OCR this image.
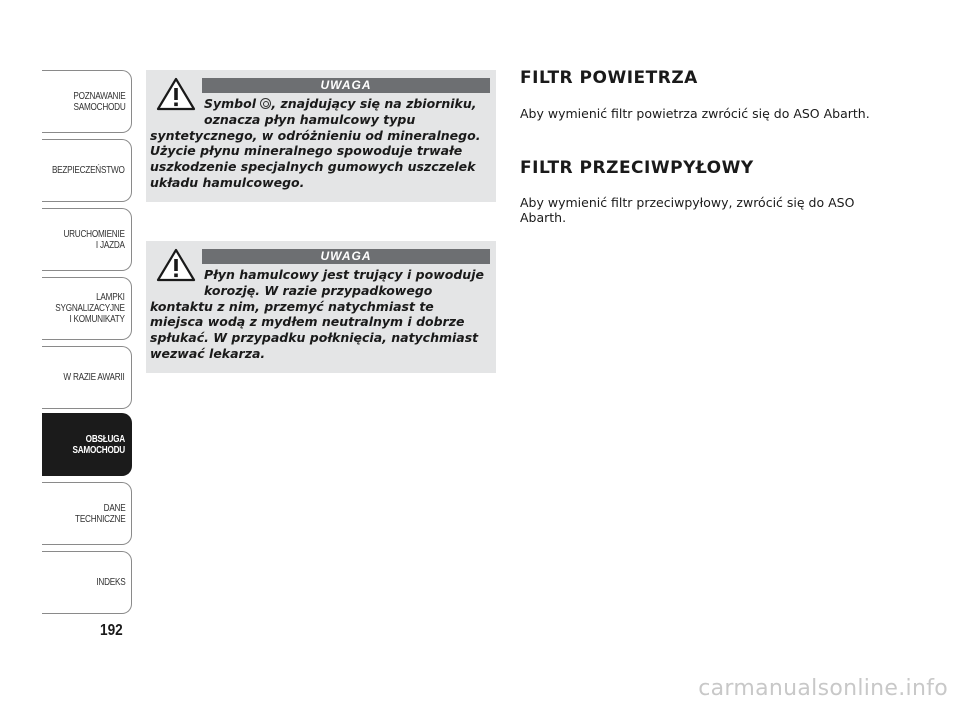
POZNAWANIE
SAMOCHODU
BEZPIECZEŃSTWO
URUCHOMIENIE
I JAZDA
LAMPKI
SYGNALIZACYJNE
I KOMUNIKATY
W RAZIE AWARII
OBSŁUGA
SAMOCHODU
DANE
TECHNICZNE
INDEKS
192
UWAGA
Symbol , znajdujący się na zbiorniku,
oznacza płyn hamulcowy typu
syntetycznego, w odróżnieniu od mineralnego. Użycie płynu mineralnego spowoduje trwałe uszkodzenie specjalnych gumowych uszczelek układu hamulcowego.
UWAGA
Płyn hamulcowy jest trujący i powoduje
korozję. W razie przypadkowego
kontaktu z nim, przemyć natychmiast te miejsca wodą z mydłem neutralnym i dobrze spłukać. W przypadku połknięcia, natychmiast wezwać lekarza.
FILTR POWIETRZA

Aby wymienić filtr powietrza zwrócić się do ASO Abarth.

FILTR PRZECIWPYŁOWY

Aby wymienić filtr przeciwpyłowy, zwrócić się do ASO Abarth.

carmanualsonline.info
